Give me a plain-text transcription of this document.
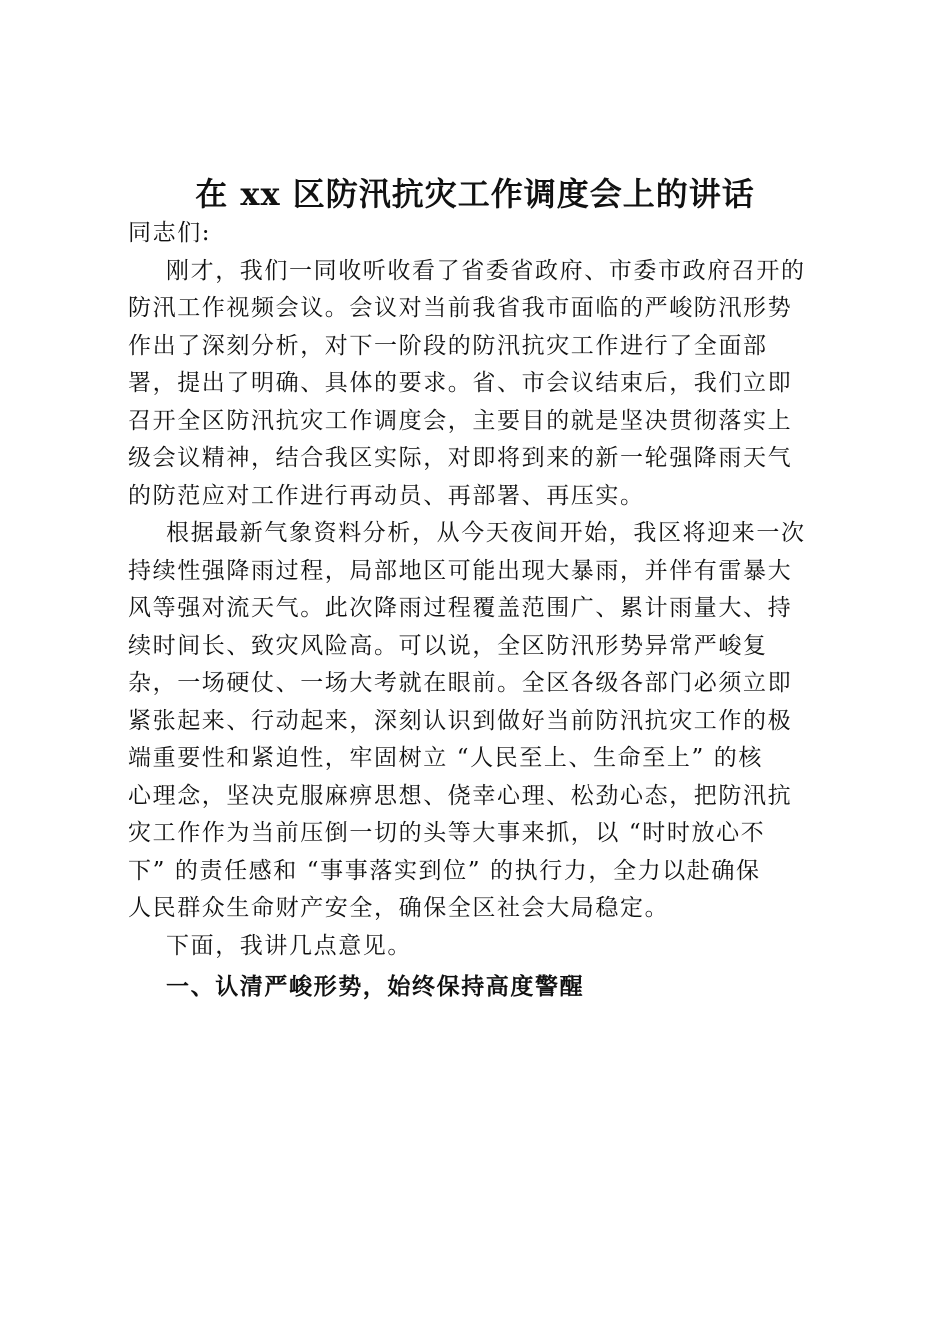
在 xx 区防汛抗灾工作调度会上的讲话
同志们:
刚才，我们一同收听收看了省委省政府、市委市政府召开的
防汛工作视频会议。会议对当前我省我市面临的严峻防汛形势
作出了深刻分析，对下一阶段的防汛抗灾工作进行了全面部
署，提出了明确、具体的要求。省、市会议结束后，我们立即
召开全区防汛抗灾工作调度会，主要目的就是坚决贯彻落实上
级会议精神，结合我区实际，对即将到来的新一轮强降雨天气
的防范应对工作进行再动员、再部署、再压实。
根据最新气象资料分析，从今天夜间开始，我区将迎来一次
持续性强降雨过程，局部地区可能出现大暴雨，并伴有雷暴大
风等强对流天气。此次降雨过程覆盖范围广、累计雨量大、持
续时间长、致灾风险高。可以说，全区防汛形势异常严峻复
杂，一场硬仗、一场大考就在眼前。全区各级各部门必须立即
紧张起来、行动起来，深刻认识到做好当前防汛抗灾工作的极
端重要性和紧迫性，牢固树立 “人民至上、生命至上” 的核
心理念，坚决克服麻痹思想、侥幸心理、松劲心态，把防汛抗
灾工作作为当前压倒一切的头等大事来抓，以 “时时放心不
下” 的责任感和 “事事落实到位” 的执行力，全力以赴确保
人民群众生命财产安全，确保全区社会大局稳定。
下面，我讲几点意见。
一、认清严峻形势，始终保持高度警醒
